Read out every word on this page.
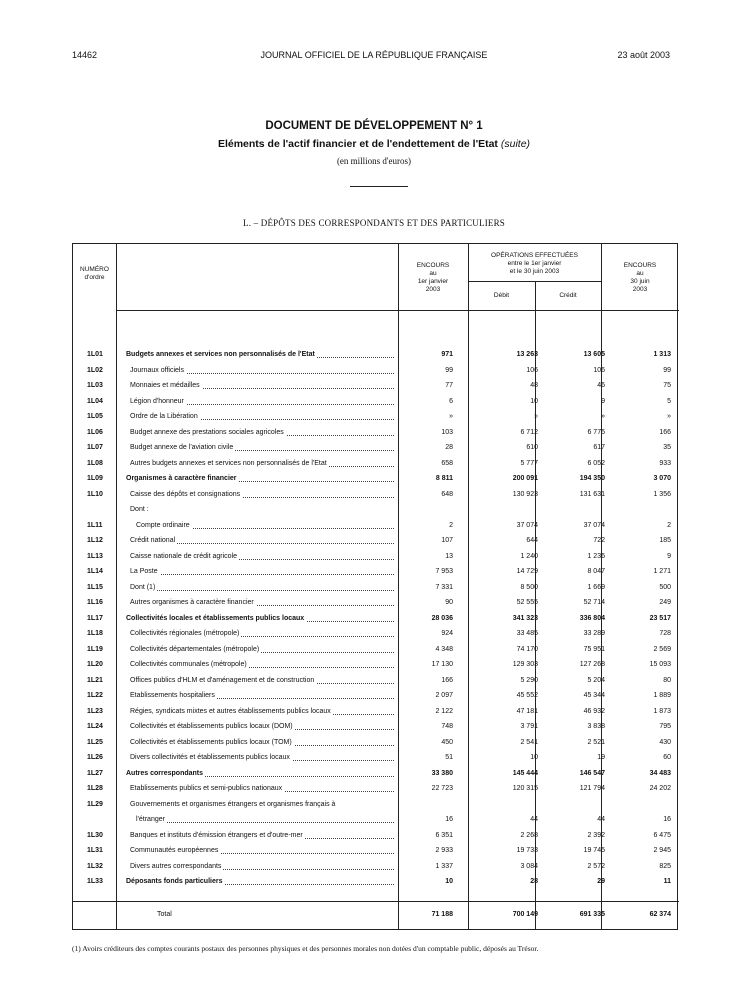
14462	JOURNAL OFFICIEL DE LA RÉPUBLIQUE FRANÇAISE	23 août 2003
DOCUMENT DE DÉVELOPPEMENT N° 1
Eléments de l'actif financier et de l'endettement de l'Etat (suite)
(en millions d'euros)
L. – DÉPÔTS DES CORRESPONDANTS ET DES PARTICULIERS
NUMÉRO
d'ordre
ENCOURS
au
1er janvier
2003
OPÉRATIONS EFFECTUÉES
entre le 1er janvier
et le 30 juin 2003
Débit	Crédit
ENCOURS
au
30 juin
2003
1L01	Budgets annexes et services non personnalisés de l'Etat	971	13 263	13 605	1 313
1L02	Journaux officiels	99	106	106	99
1L03	Monnaies et médailles	77	48	46	75
1L04	Légion d'honneur	6	10	9	5
1L05	Ordre de la Libération	»	»	»	»
1L06	Budget annexe des prestations sociales agricoles	103	6 712	6 775	166
1L07	Budget annexe de l'aviation civile	28	610	617	35
1L08	Autres budgets annexes et services non personnalisés de l'Etat	658	5 777	6 052	933
1L09	Organismes à caractère financier	8 811	200 091	194 350	3 070
1L10	Caisse des dépôts et consignations	648	130 923	131 631	1 356
Dont :
1L11	Compte ordinaire	2	37 074	37 074	2
1L12	Crédit national	107	644	722	185
1L13	Caisse nationale de crédit agricole	13	1 240	1 236	9
1L14	La Poste	7 953	14 729	8 047	1 271
1L15	Dont (1)	7 331	8 500	1 669	500
1L16	Autres organismes à caractère financier	90	52 555	52 714	249
1L17	Collectivités locales et établissements publics locaux	28 036	341 323	336 804	23 517
1L18	Collectivités régionales (métropole)	924	33 485	33 289	728
1L19	Collectivités départementales (métropole)	4 348	74 170	75 951	2 569
1L20	Collectivités communales (métropole)	17 130	129 303	127 268	15 093
1L21	Offices publics d'HLM et d'aménagement et de construction	166	5 290	5 204	80
1L22	Etablissements hospitaliers	2 097	45 552	45 344	1 889
1L23	Régies, syndicats mixtes et autres établissements publics locaux	2 122	47 181	46 932	1 873
1L24	Collectivités et établissements publics locaux (DOM)	748	3 791	3 838	795
1L25	Collectivités et établissements publics locaux (TOM)	450	2 541	2 521	430
1L26	Divers collectivités et établissements publics locaux	51	10	19	60
1L27	Autres correspondants	33 380	145 444	146 547	34 483
1L28	Etablissements publics et semi-publics nationaux	22 723	120 315	121 794	24 202
1L29	Gouvernements et organismes étrangers et organismes français à
l'étranger	16	44	44	16
1L30	Banques et instituts d'émission étrangers et d'outre-mer	6 351	2 268	2 392	6 475
1L31	Communautés européennes	2 933	19 733	19 745	2 945
1L32	Divers autres correspondants	1 337	3 084	2 572	825
1L33	Déposants fonds particuliers	10	28	29	11
Total	71 188	700 149	691 335	62 374
(1) Avoirs créditeurs des comptes courants postaux des personnes physiques et des personnes morales non dotées d'un comptable public, déposés au Trésor.
